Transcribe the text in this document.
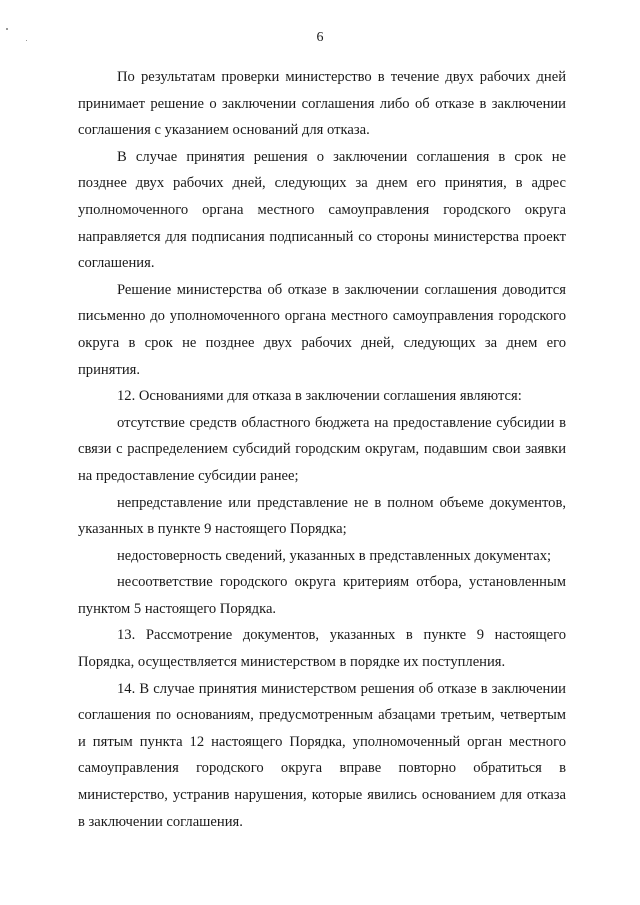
6

По результатам проверки министерство в течение двух рабочих дней принимает решение о заключении соглашения либо об отказе в заключении соглашения с указанием оснований для отказа.

В случае принятия решения о заключении соглашения в срок не позднее двух рабочих дней, следующих за днем его принятия, в адрес уполномоченного органа местного самоуправления городского округа направляется для подписания подписанный со стороны министерства проект соглашения.

Решение министерства об отказе в заключении соглашения доводится письменно до уполномоченного органа местного самоуправления городского округа в срок не позднее двух рабочих дней, следующих за днем его принятия.

12. Основаниями для отказа в заключении соглашения являются:

отсутствие средств областного бюджета на предоставление субсидии в связи с распределением субсидий городским округам, подавшим свои заявки на предоставление субсидии ранее;

непредставление или представление не в полном объеме документов, указанных в пункте 9 настоящего Порядка;

недостоверность сведений, указанных в представленных документах;

несоответствие городского округа критериям отбора, установленным пунктом 5 настоящего Порядка.

13. Рассмотрение документов, указанных в пункте 9 настоящего Порядка, осуществляется министерством в порядке их поступления.

14. В случае принятия министерством решения об отказе в заключении соглашения по основаниям, предусмотренным абзацами третьим, четвертым и пятым пункта 12 настоящего Порядка, уполномоченный орган местного самоуправления городского округа вправе повторно обратиться в министерство, устранив нарушения, которые явились основанием для отказа в заключении соглашения.
